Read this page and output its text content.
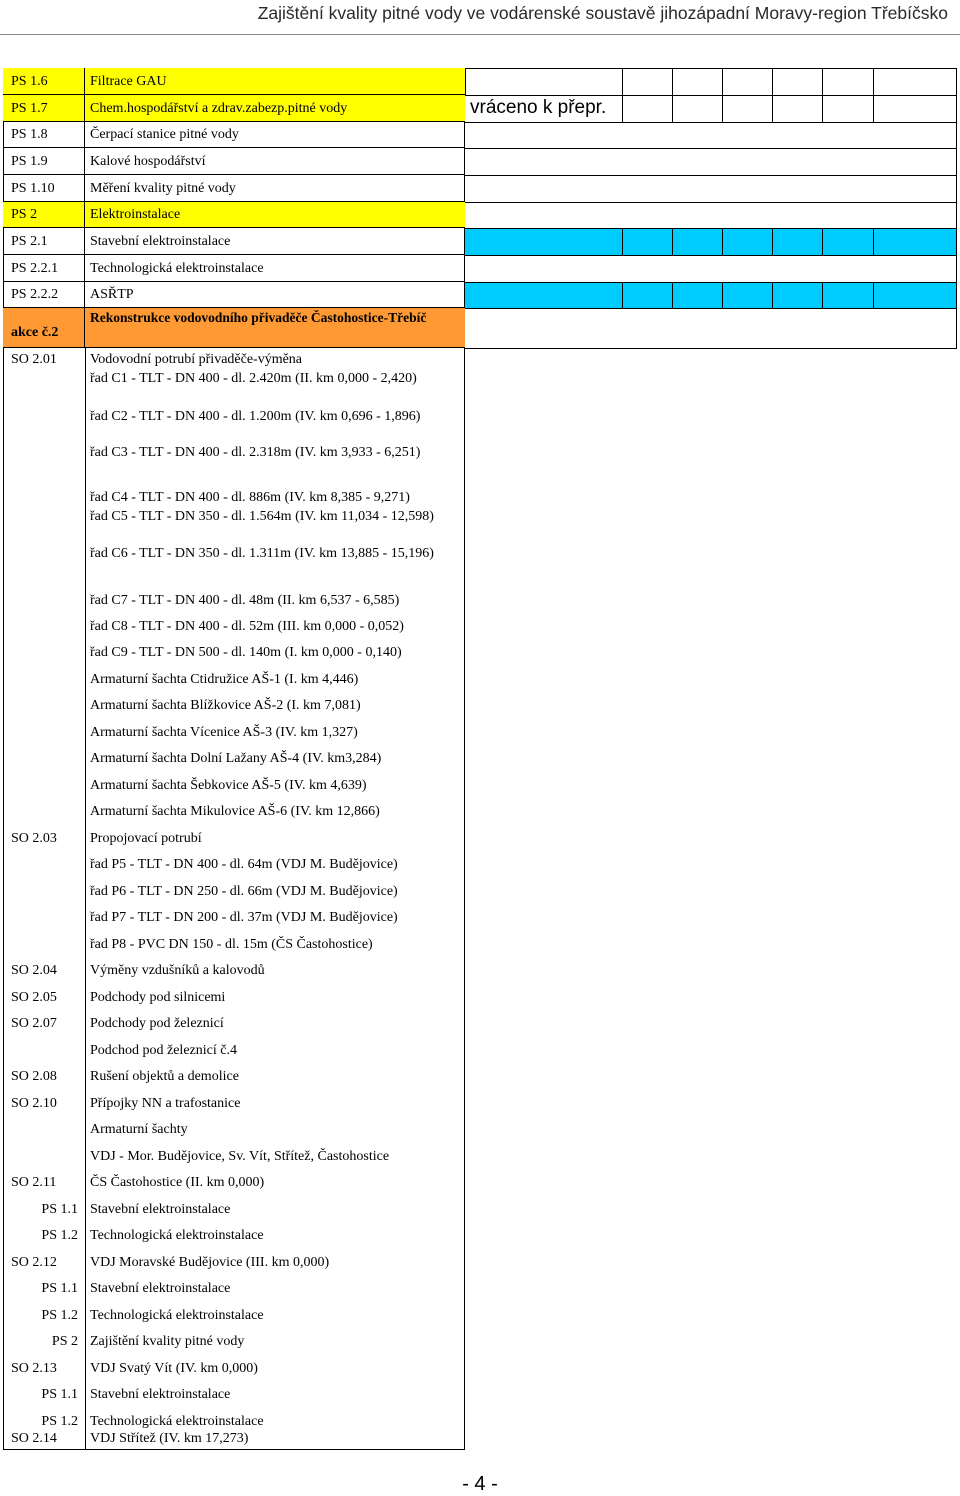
Zajištění kvality pitné vody ve vodárenské soustavě jihozápadní Moravy-region Třebíčsko
PS 1.6	Filtrace GAU
PS 1.7	Chem.hospodářství a zdrav.zabezp.pitné vody
PS 1.8	Čerpací stanice pitné vody
PS 1.9	Kalové hospodářství
PS 1.10	Měření kvality pitné vody
PS 2	Elektroinstalace
PS 2.1	Stavební elektroinstalace
PS 2.2.1	Technologická elektroinstalace
PS 2.2.2	ASŘTP
akce č.2
Rekonstrukce vodovodního přivaděče Častohostice-Třebíč
SO 2.01	Vodovodní potrubí přivaděče-výměna
řad C1 - TLT - DN 400 - dl. 2.420m (II. km 0,000 - 2,420)
řad C2 - TLT - DN 400 - dl. 1.200m (IV. km 0,696 - 1,896)
řad C3 - TLT - DN 400 - dl. 2.318m (IV. km 3,933 - 6,251)
řad C4 - TLT - DN 400 - dl. 886m (IV. km 8,385 - 9,271)
řad C5 - TLT - DN 350 - dl. 1.564m (IV. km 11,034 - 12,598)
řad C6 - TLT - DN 350 - dl. 1.311m (IV. km 13,885 - 15,196)
řad C7 - TLT - DN 400 - dl. 48m (II. km 6,537 - 6,585)
řad C8 - TLT - DN 400 - dl. 52m (III. km 0,000 - 0,052)
řad C9 - TLT - DN 500 - dl. 140m (I. km 0,000 - 0,140)
Armaturní šachta Ctidružice AŠ-1 (I. km 4,446)
Armaturní šachta Blížkovice AŠ-2 (I. km 7,081)
Armaturní šachta Vícenice AŠ-3 (IV. km 1,327)
Armaturní šachta Dolní Lažany AŠ-4 (IV. km3,284)
Armaturní šachta Šebkovice AŠ-5 (IV. km 4,639)
Armaturní šachta Mikulovice AŠ-6 (IV. km 12,866)
SO 2.03	Propojovací potrubí
řad P5 - TLT - DN 400 - dl. 64m (VDJ M. Budějovice)
řad P6 - TLT - DN 250 - dl. 66m (VDJ M. Budějovice)
řad P7 - TLT - DN 200 - dl. 37m (VDJ M. Budějovice)
řad P8 - PVC DN 150 - dl. 15m (ČS Častohostice)
SO 2.04	Výměny vzdušníků a kalovodů
SO 2.05	Podchody pod silnicemi
SO 2.07	Podchody pod železnicí
Podchod pod železnicí č.4
SO 2.08	Rušení objektů a demolice
SO 2.10	Přípojky NN a trafostanice
Armaturní šachty
VDJ - Mor. Budějovice, Sv. Vít, Střítež, Častohostice
SO 2.11	ČS Častohostice (II. km 0,000)
PS 1.1 Stavební elektroinstalace
PS 1.2 Technologická elektroinstalace
SO 2.12	VDJ Moravské Budějovice (III. km 0,000)
PS 1.1 Stavební elektroinstalace
PS 1.2 Technologická elektroinstalace
PS 2 Zajištění kvality pitné vody
SO 2.13	VDJ Svatý Vít (IV. km 0,000)
PS 1.1 Stavební elektroinstalace
PS 1.2 Technologická elektroinstalace
SO 2.14	VDJ Střítež (IV. km 17,273)
vráceno k přepr.
- 4 -
